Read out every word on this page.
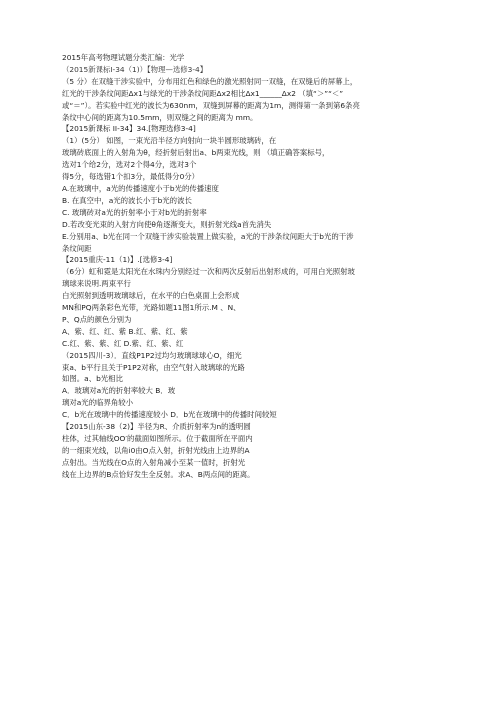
2015年高考物理试题分类汇编：光学
（2015新课标I-34（1)）【物理—选修3-4】
（5 分）在双缝干涉实验中，分布用红色和绿色的激光照射同一双缝，在双缝后的屏幕上，
红光的干涉条纹间距Δx1与绿光的干涉条纹间距Δx2相比Δx1______Δx2 （填“＞”“＜”
或“＝”）。若实验中红光的波长为630nm，双缝到屏幕的距离为1m，测得第一条到第6条亮
条纹中心间的距离为10.5mm，则双缝之间的距离为 mm。
【2015新课标 II-34】34.[物理选修3-4]
（1）(5分） 如图，一束光沿半径方向射向一块半圆形玻璃砖，在
玻璃砖底面上的入射角为θ，经折射后射出a、b两束光线，则 （填正确答案标号，
选对1个给2分，选对2个得4分，选对3个
得5分，每选错1个扣3分，最低得分0分）
A.在玻璃中，a光的传播速度小于b光的传播速度
B. 在真空中，a光的波长小于b光的波长
C. 玻璃砖对a光的折射率小于对b光的折射率
D.若改变光束的入射方向使θ角逐渐变大，则折射光线a首先消失
E.分别用a、b光在同一个双缝干涉实验装置上做实验，a光的干涉条纹间距大于b光的干涉
条纹间距
【2015重庆-11（1)】.[选修3-4]
（6分）虹和霓是太阳光在水珠内分别经过一次和两次反射后出射形成的，可用白光照射玻
璃球来说明.两束平行
白光照射到透明玻璃球后，在水平的白色桌面上会形成
MN和PQ两条彩色光带，光路如题11图1所示.M 、N、
P、Q点的颜色分别为
A、紫、红、红、紫 B.红、紫、红、紫
C.红、紫、紫、红 D.紫、红、紫、红
（2015四川-3）．直线P1P2过均匀玻璃球球心O，细光
束a、b平行且关于P1P2对称，由空气射入玻璃球的光路
如图。a、b光相比
A．玻璃对a光的折射率较大 B．玻
璃对a光的临界角较小
C．b光在玻璃中的传播速度较小 D．b光在玻璃中的传播时间较短
【2015山东-38（2)】半径为R、介质折射率为n的透明圆
柱体，过其轴线OO′的截面如图所示。位于截面所在平面内
的一细束光线，以角i0由O点入射，折射光线由上边界的A
点射出。当光线在O点的入射角减小至某一值时，折射光
线在上边界的B点恰好发生全反射。求A、B两点间的距离。
